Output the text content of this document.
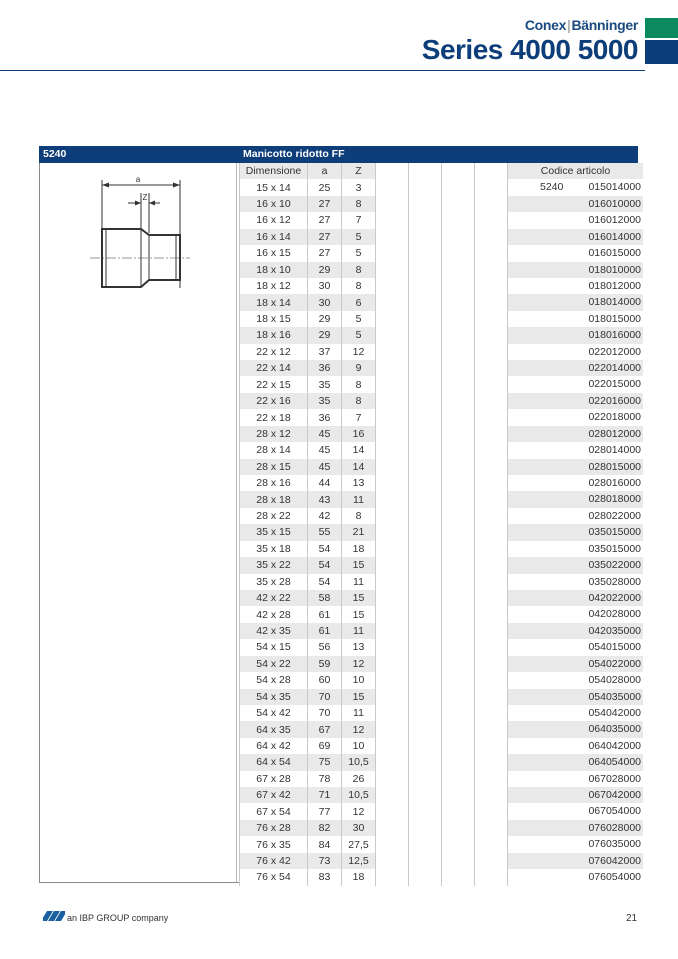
Conex|Bänninger
Series 4000 5000
5240	Manicotto ridotto FF
a
Z
Dimensione	a	Z					Codice articolo
15 x 14	25	3					5240 015014000

16 x 10	27	8					016010000

16 x 12	27	7					016012000

16 x 14	27	5					016014000

16 x 15	27	5					016015000

18 x 10	29	8					018010000

18 x 12	30	8					018012000

18 x 14	30	6					018014000

18 x 15	29	5					018015000

18 x 16	29	5					018016000

22 x 12	37	12					022012000

22 x 14	36	9					022014000

22 x 15	35	8					022015000

22 x 16	35	8					022016000

22 x 18	36	7					022018000

28 x 12	45	16					028012000

28 x 14	45	14					028014000

28 x 15	45	14					028015000

28 x 16	44	13					028016000

28 x 18	43	11					028018000

28 x 22	42	8					028022000

35 x 15	55	21					035015000

35 x 18	54	18					035015000

35 x 22	54	15					035022000

35 x 28	54	11					035028000

42 x 22	58	15					042022000

42 x 28	61	15					042028000

42 x 35	61	11					042035000

54 x 15	56	13					054015000

54 x 22	59	12					054022000

54 x 28	60	10					054028000

54 x 35	70	15					054035000

54 x 42	70	11					054042000

64 x 35	67	12					064035000

64 x 42	69	10					064042000

64 x 54	75	10,5					064054000

67 x 28	78	26					067028000

67 x 42	71	10,5					067042000

67 x 54	77	12					067054000

76 x 28	82	30					076028000

76 x 35	84	27,5					076035000

76 x 42	73	12,5					076042000

76 x 54	83	18					076054000
an IBP GROUP company	21
